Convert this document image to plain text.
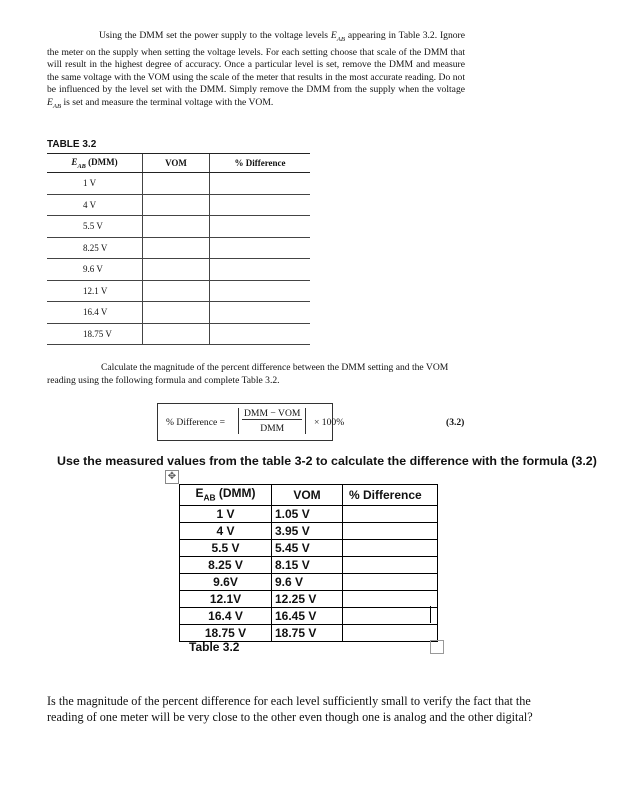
Using the DMM set the power supply to the voltage levels $E_{AB}$ appearing in Table 3.2. Ignore the meter on the supply when setting the voltage levels. For each setting choose that scale of the DMM that will result in the highest degree of accuracy. Once a particular level is set, remove the DMM and measure the same voltage with the VOM using the scale of the meter that results in the most accurate reading. Do not be influenced by the level set with the DMM. Simply remove the DMM from the supply when the voltage $E_{AB}$ is set and measure the terminal voltage with the VOM.

TABLE 3.2
$E_{AB}$ (DMM)	VOM	% Difference
1 V		
4 V		
5.5 V		
8.25 V		
9.6 V		
12.1 V		
16.4 V		
18.75 V		

Calculate the magnitude of the percent difference between the DMM setting and the VOM reading using the following formula and complete Table 3.2.

% Difference =
DMM − VOM
DMM
× 100%	(3.2)
Use the measured values from the table 3-2 to calculate the difference with the formula (3.2)
✥
$E_{AB}$ (DMM)	VOM	% Difference
1 V	1.05 V	
4 V	3.95 V	
5.5 V	5.45 V	
8.25 V	8.15 V	
9.6V	9.6 V	
12.1V	12.25 V	
16.4 V	16.45 V	
18.75 V	18.75 V	
Table 3.2
Is the magnitude of the percent difference for each level sufficiently small to verify the fact that the reading of one meter will be very close to the other even though one is analog and the other digital?
